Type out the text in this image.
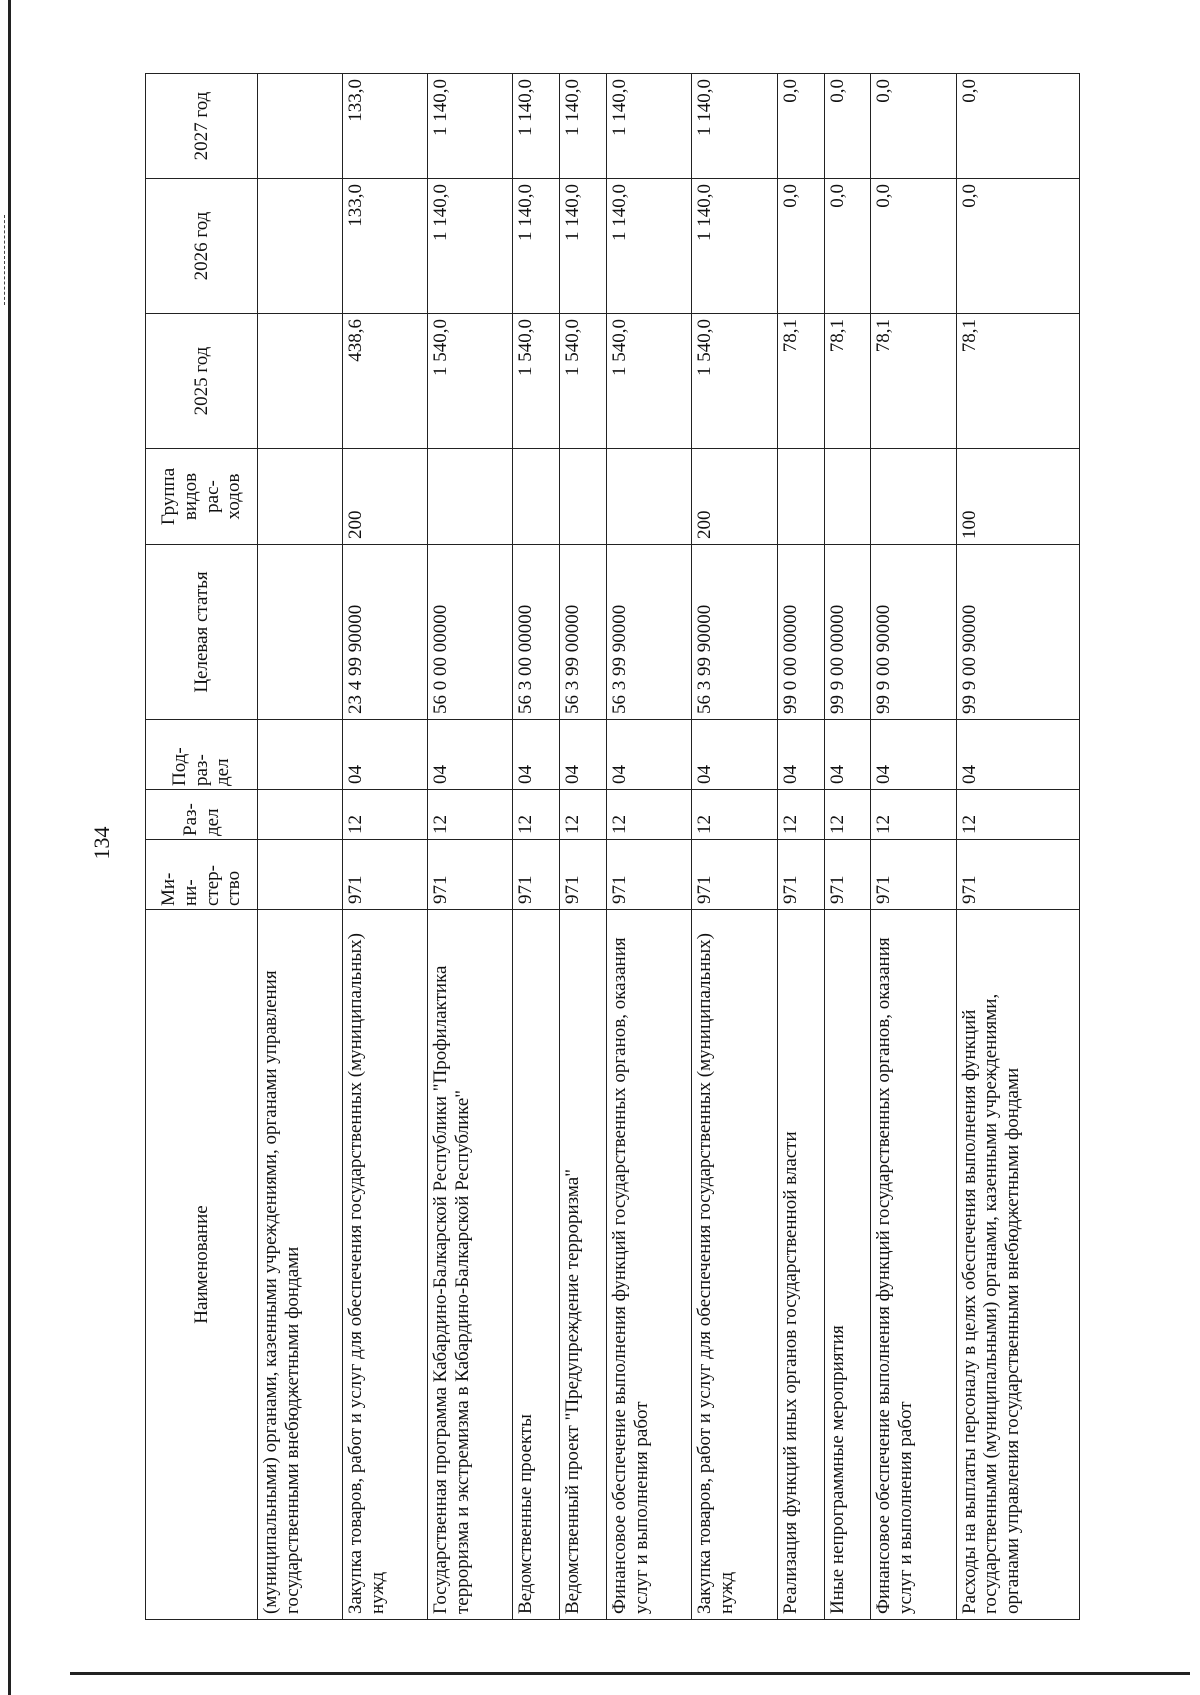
134
Наименование	Ми-
ни-
стер-
ство	Раз-
дел	Под-
раз-
дел	Целевая статья	Группа
видов
рас-
ходов	2025 год	2026 год	2027 год
(муниципальными) органами, казенными учреждениями, органами управления государственными внебюджетными фондами								
Закупка товаров, работ и услуг для обеспечения государственных (муниципальных) нужд	971	12	04	23 4 99 90000	200	438,6	133,0	133,0
Государственная программа Кабардино-Балкарской Республики "Профилактика терроризма и экстремизма в Кабардино-Балкарской Республике"	971	12	04	56 0 00 00000		1 540,0	1 140,0	1 140,0
Ведомственные проекты	971	12	04	56 3 00 00000		1 540,0	1 140,0	1 140,0
Ведомственный проект "Предупреждение терроризма"	971	12	04	56 3 99 00000		1 540,0	1 140,0	1 140,0
Финансовое обеспечение выполнения функций государственных органов, оказания услуг и выполнения работ	971	12	04	56 3 99 90000		1 540,0	1 140,0	1 140,0
Закупка товаров, работ и услуг для обеспечения государственных (муниципальных) нужд	971	12	04	56 3 99 90000	200	1 540,0	1 140,0	1 140,0
Реализация функций иных органов государственной власти	971	12	04	99 0 00 00000		78,1	0,0	0,0
Иные непрограммные мероприятия	971	12	04	99 9 00 00000		78,1	0,0	0,0
Финансовое обеспечение выполнения функций государственных органов, оказания услуг и выполнения работ	971	12	04	99 9 00 90000		78,1	0,0	0,0
Расходы на выплаты персоналу в целях обеспечения выполнения функций государственными (муниципальными) органами, казенными учреждениями, органами управления государственными внебюджетными фондами	971	12	04	99 9 00 90000	100	78,1	0,0	0,0
